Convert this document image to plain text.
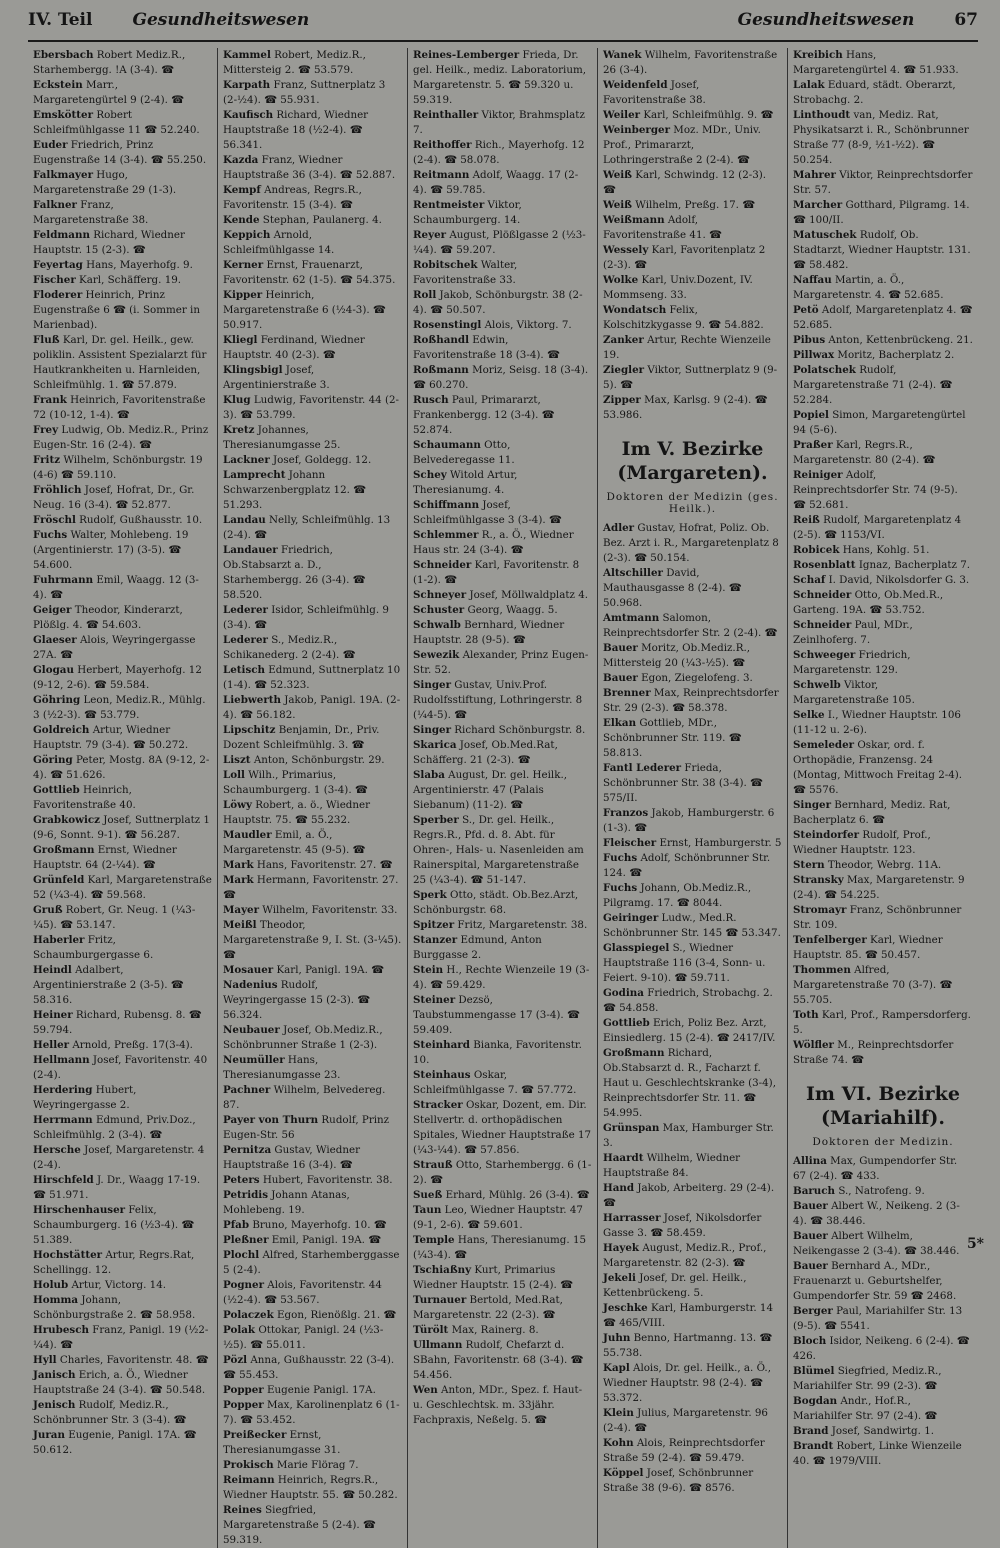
IV. Teil Gesundheitswesen	Gesundheitswesen 67

Ebersbach Robert Mediz.R., Starhembergg. !A (3-4). ☎

Eckstein Marr., Margaretengürtel 9 (2-4). ☎

Emskötter Robert Schleifmühlgasse 11 ☎ 52.240.

Euder Friedrich, Prinz Eugenstraße 14 (3-4). ☎ 55.250.

Falkmayer Hugo, Margaretenstraße 29 (1-3).

Falkner Franz, Margaretenstraße 38.

Feldmann Richard, Wiedner Hauptstr. 15 (2-3). ☎

Feyertag Hans, Mayerhofg. 9.

Fischer Karl, Schäfferg. 19.

Floderer Heinrich, Prinz Eugenstraße 6 ☎ (i. Sommer in Marienbad).

Fluß Karl, Dr. gel. Heilk., gew. poliklin. Assistent Spezialarzt für Hautkrankheiten u. Harnleiden, Schleifmühlg. 1. ☎ 57.879.

Frank Heinrich, Favoritenstraße 72 (10-12, 1-4). ☎

Frey Ludwig, Ob. Mediz.R., Prinz Eugen-Str. 16 (2-4). ☎

Fritz Wilhelm, Schönburgstr. 19 (4-6) ☎ 59.110.

Fröhlich Josef, Hofrat, Dr., Gr. Neug. 16 (3-4). ☎ 52.877.

Fröschl Rudolf, Gußhausstr. 10.

Fuchs Walter, Mohlebeng. 19 (Argentinierstr. 17) (3-5). ☎ 54.600.

Fuhrmann Emil, Waagg. 12 (3-4). ☎

Geiger Theodor, Kinderarzt, Plößlg. 4. ☎ 54.603.

Glaeser Alois, Weyringergasse 27A. ☎

Glogau Herbert, Mayerhofg. 12 (9-12, 2-6). ☎ 59.584.

Göhring Leon, Mediz.R., Mühlg. 3 (½2-3). ☎ 53.779.

Goldreich Artur, Wiedner Hauptstr. 79 (3-4). ☎ 50.272.

Göring Peter, Mostg. 8A (9-12, 2-4). ☎ 51.626.

Gottlieb Heinrich, Favoritenstraße 40.

Grabkowicz Josef, Suttnerplatz 1 (9-6, Sonnt. 9-1). ☎ 56.287.

Großmann Ernst, Wiedner Hauptstr. 64 (2-¼4). ☎

Grünfeld Karl, Margaretenstraße 52 (¼3-4). ☎ 59.568.

Gruß Robert, Gr. Neug. 1 (¼3-¼5). ☎ 53.147.

Haberler Fritz, Schaumburgergasse 6.

Heindl Adalbert, Argentinierstraße 2 (3-5). ☎ 58.316.

Heiner Richard, Rubensg. 8. ☎ 59.794.

Heller Arnold, Preßg. 17(3-4).

Hellmann Josef, Favoritenstr. 40 (2-4).

Herdering Hubert, Weyringergasse 2.

Herrmann Edmund, Priv.Doz., Schleifmühlg. 2 (3-4). ☎

Hersche Josef, Margaretenstr. 4 (2-4).

Hirschfeld J. Dr., Waagg 17-19. ☎ 51.971.

Hirschenhauser Felix, Schaumburgerg. 16 (½3-4). ☎ 51.389.

Hochstätter Artur, Regrs.Rat, Schellingg. 12.

Holub Artur, Victorg. 14.

Homma Johann, Schönburgstraße 2. ☎ 58.958.

Hrubesch Franz, Panigl. 19 (½2-¼4). ☎

Hyll Charles, Favoritenstr. 48. ☎

Janisch Erich, a. Ö., Wiedner Hauptstraße 24 (3-4). ☎ 50.548.

Jenisch Rudolf, Mediz.R., Schönbrunner Str. 3 (3-4). ☎

Juran Eugenie, Panigl. 17A. ☎ 50.612.

Kammel Robert, Mediz.R., Mittersteig 2. ☎ 53.579.

Karpath Franz, Suttnerplatz 3 (2-½4). ☎ 55.931.

Kaufisch Richard, Wiedner Hauptstraße 18 (½2-4). ☎ 56.341.

Kazda Franz, Wiedner Hauptstraße 36 (3-4). ☎ 52.887.

Kempf Andreas, Regrs.R., Favoritenstr. 15 (3-4). ☎

Kende Stephan, Paulanerg. 4.

Keppich Arnold, Schleifmühlgasse 14.

Kerner Ernst, Frauenarzt, Favoritenstr. 62 (1-5). ☎ 54.375.

Kipper Heinrich, Margaretenstraße 6 (½4-3). ☎ 50.917.

Kliegl Ferdinand, Wiedner Hauptstr. 40 (2-3). ☎

Klingsbigl Josef, Argentinierstraße 3.

Klug Ludwig, Favoritenstr. 44 (2-3). ☎ 53.799.

Kretz Johannes, Theresianumgasse 25.

Lackner Josef, Goldegg. 12.

Lamprecht Johann Schwarzenbergplatz 12. ☎ 51.293.

Landau Nelly, Schleifmühlg. 13 (2-4). ☎

Landauer Friedrich, Ob.Stabsarzt a. D., Starhembergg. 26 (3-4). ☎ 58.520.

Lederer Isidor, Schleifmühlg. 9 (3-4). ☎

Lederer S., Mediz.R., Schikanederg. 2 (2-4). ☎

Letisch Edmund, Suttnerplatz 10 (1-4). ☎ 52.323.

Liebwerth Jakob, Panigl. 19A. (2-4). ☎ 56.182.

Lipschitz Benjamin, Dr., Priv. Dozent Schleifmühlg. 3. ☎

Liszt Anton, Schönburgstr. 29.

Loll Wilh., Primarius, Schaumburgerg. 1 (3-4). ☎

Löwy Robert, a. ö., Wiedner Hauptstr. 75. ☎ 55.232.

Maudler Emil, a. Ö., Margaretenstr. 45 (9-5). ☎

Mark Hans, Favoritenstr. 27. ☎

Mark Hermann, Favoritenstr. 27. ☎

Mayer Wilhelm, Favoritenstr. 33.

Meißl Theodor, Margaretenstraße 9, I. St. (3-¼5). ☎

Mosauer Karl, Panigl. 19A. ☎

Nadenius Rudolf, Weyringergasse 15 (2-3). ☎ 56.324.

Neubauer Josef, Ob.Mediz.R., Schönbrunner Straße 1 (2-3).

Neumüller Hans, Theresianumgasse 23.

Pachner Wilhelm, Belvedereg. 87.

Payer von Thurn Rudolf, Prinz Eugen-Str. 56

Pernitza Gustav, Wiedner Hauptstraße 16 (3-4). ☎

Peters Hubert, Favoritenstr. 38.

Petridis Johann Atanas, Mohlebeng. 19.

Pfab Bruno, Mayerhofg. 10. ☎

Pleßner Emil, Panigl. 19A. ☎

Plochl Alfred, Starhemberggasse 5 (2-4).

Pogner Alois, Favoritenstr. 44 (½2-4). ☎ 53.567.

Polaczek Egon, Rienößlg. 21. ☎

Polak Ottokar, Panigl. 24 (½3-½5). ☎ 55.011.

Pözl Anna, Gußhausstr. 22 (3-4). ☎ 55.453.

Popper Eugenie Panigl. 17A.

Popper Max, Karolinenplatz 6 (1-7). ☎ 53.452.

Preißecker Ernst, Theresianumgasse 31.

Prokisch Marie Flörag 7.

Reimann Heinrich, Regrs.R., Wiedner Hauptstr. 55. ☎ 50.282.

Reines Siegfried, Margaretenstraße 5 (2-4). ☎ 59.319.

Reines-Lemberger Frieda, Dr. gel. Heilk., mediz. Laboratorium, Margaretenstr. 5. ☎ 59.320 u. 59.319.

Reinthaller Viktor, Brahmsplatz 7.

Reithoffer Rich., Mayerhofg. 12 (2-4). ☎ 58.078.

Reitmann Adolf, Waagg. 17 (2-4). ☎ 59.785.

Rentmeister Viktor, Schaumburgerg. 14.

Reyer August, Plößlgasse 2 (½3-¼4). ☎ 59.207.

Robitschek Walter, Favoritenstraße 33.

Roll Jakob, Schönburgstr. 38 (2-4). ☎ 50.507.

Rosenstingl Alois, Viktorg. 7.

Roßhandl Edwin, Favoritenstraße 18 (3-4). ☎

Roßmann Moriz, Seisg. 18 (3-4). ☎ 60.270.

Rusch Paul, Primararzt, Frankenbergg. 12 (3-4). ☎ 52.874.

Schaumann Otto, Belvederegasse 11.

Schey Witold Artur, Theresianumg. 4.

Schiffmann Josef, Schleifmühlgasse 3 (3-4). ☎

Schlemmer R., a. Ö., Wiedner Haus str. 24 (3-4). ☎

Schneider Karl, Favoritenstr. 8 (1-2). ☎

Schneyer Josef, Möllwaldplatz 4.

Schuster Georg, Waagg. 5.

Schwalb Bernhard, Wiedner Hauptstr. 28 (9-5). ☎

Sewezik Alexander, Prinz Eugen-Str. 52.

Singer Gustav, Univ.Prof. Rudolfsstiftung, Lothringerstr. 8 (¼4-5). ☎

Singer Richard Schönburgstr. 8.

Skarica Josef, Ob.Med.Rat, Schäfferg. 21 (2-3). ☎

Slaba August, Dr. gel. Heilk., Argentinierstr. 47 (Palais Siebanum) (11-2). ☎

Sperber S., Dr. gel. Heilk., Regrs.R., Pfd. d. 8. Abt. für Ohren-, Hals- u. Nasenleiden am Rainerspital, Margaretenstraße 25 (¼3-4). ☎ 51-147.

Sperk Otto, städt. Ob.Bez.Arzt, Schönburgstr. 68.

Spitzer Fritz, Margaretenstr. 38.

Stanzer Edmund, Anton Burggasse 2.

Stein H., Rechte Wienzeile 19 (3-4). ☎ 59.429.

Steiner Dezsö, Taubstummengasse 17 (3-4). ☎ 59.409.

Steinhard Bianka, Favoritenstr. 10.

Steinhaus Oskar, Schleifmühlgasse 7. ☎ 57.772.

Stracker Oskar, Dozent, em. Dir. Stellvertr. d. orthopädischen Spitales, Wiedner Hauptstraße 17 (¼3-¼4). ☎ 57.856.

Strauß Otto, Starhembergg. 6 (1-2). ☎

Sueß Erhard, Mühlg. 26 (3-4). ☎

Taun Leo, Wiedner Hauptstr. 47 (9-1, 2-6). ☎ 59.601.

Temple Hans, Theresianumg. 15 (¼3-4). ☎

Tschiaßny Kurt, Primarius Wiedner Hauptstr. 15 (2-4). ☎

Turnauer Bertold, Med.Rat, Margaretenstr. 22 (2-3). ☎

Türölt Max, Rainerg. 8.

Ullmann Rudolf, Chefarzt d. SBahn, Favoritenstr. 68 (3-4). ☎ 54.456.

Wen Anton, MDr., Spez. f. Haut- u. Geschlechtsk. m. 33jähr. Fachpraxis, Neßelg. 5. ☎

Wanek Wilhelm, Favoritenstraße 26 (3-4).

Weidenfeld Josef, Favoritenstraße 38.

Weiler Karl, Schleifmühlg. 9. ☎

Weinberger Moz. MDr., Univ. Prof., Primararzt, Lothringerstraße 2 (2-4). ☎

Weiß Karl, Schwindg. 12 (2-3). ☎

Weiß Wilhelm, Preßg. 17. ☎

Weißmann Adolf, Favoritenstraße 41. ☎

Wessely Karl, Favoritenplatz 2 (2-3). ☎

Wolke Karl, Univ.Dozent, IV. Mommseng. 33.

Wondatsch Felix, Kolschitzkygasse 9. ☎ 54.882.

Zanker Artur, Rechte Wienzeile 19.

Ziegler Viktor, Suttnerplatz 9 (9-5). ☎

Zipper Max, Karlsg. 9 (2-4). ☎ 53.986.

Im V. Bezirke
(Margareten).
Doktoren der Medizin (ges. Heilk.).

Adler Gustav, Hofrat, Poliz. Ob. Bez. Arzt i. R., Margaretenplatz 8 (2-3). ☎ 50.154.

Altschiller David, Mauthausgasse 8 (2-4). ☎ 50.968.

Amtmann Salomon, Reinprechtsdorfer Str. 2 (2-4). ☎

Bauer Moritz, Ob.Mediz.R., Mittersteig 20 (¼3-½5). ☎

Bauer Egon, Ziegelofeng. 3.

Brenner Max, Reinprechtsdorfer Str. 29 (2-3). ☎ 58.378.

Elkan Gottlieb, MDr., Schönbrunner Str. 119. ☎ 58.813.

Fantl Lederer Frieda, Schönbrunner Str. 38 (3-4). ☎ 575/II.

Franzos Jakob, Hamburgerstr. 6 (1-3). ☎

Fleischer Ernst, Hamburgerstr. 5

Fuchs Adolf, Schönbrunner Str. 124. ☎

Fuchs Johann, Ob.Mediz.R., Pilgramg. 17. ☎ 8044.

Geiringer Ludw., Med.R. Schönbrunner Str. 145 ☎ 53.347.

Glasspiegel S., Wiedner Hauptstraße 116 (3-4, Sonn- u. Feiert. 9-10). ☎ 59.711.

Godina Friedrich, Strobachg. 2. ☎ 54.858.

Gottlieb Erich, Poliz Bez. Arzt, Einsiedlerg. 15 (2-4). ☎ 2417/IV.

Großmann Richard, Ob.Stabsarzt d. R., Facharzt f. Haut u. Geschlechtskranke (3-4), Reinprechtsdorfer Str. 11. ☎ 54.995.

Grünspan Max, Hamburger Str. 3.

Haardt Wilhelm, Wiedner Hauptstraße 84.

Hand Jakob, Arbeiterg. 29 (2-4). ☎

Harrasser Josef, Nikolsdorfer Gasse 3. ☎ 58.459.

Hayek August, Mediz.R., Prof., Margaretenstr. 82 (2-3). ☎

Jekeli Josef, Dr. gel. Heilk., Kettenbrückeng. 5.

Jeschke Karl, Hamburgerstr. 14 ☎ 465/VIII.

Juhn Benno, Hartmanng. 13. ☎ 55.738.

Kapl Alois, Dr. gel. Heilk., a. Ö., Wiedner Hauptstr. 98 (2-4). ☎ 53.372.

Klein Julius, Margaretenstr. 96 (2-4). ☎

Kohn Alois, Reinprechtsdorfer Straße 59 (2-4). ☎ 59.479.

Köppel Josef, Schönbrunner Straße 38 (9-6). ☎ 8576.

Kreibich Hans, Margaretengürtel 4. ☎ 51.933.

Lalak Eduard, städt. Oberarzt, Strobachg. 2.

Linthoudt van, Mediz. Rat, Physikatsarzt i. R., Schönbrunner Straße 77 (8-9, ½1-½2). ☎ 50.254.

Mahrer Viktor, Reinprechtsdorfer Str. 57.

Marcher Gotthard, Pilgramg. 14. ☎ 100/II.

Matuschek Rudolf, Ob. Stadtarzt, Wiedner Hauptstr. 131. ☎ 58.482.

Naffau Martin, a. Ö., Margaretenstr. 4. ☎ 52.685.

Petö Adolf, Margaretenplatz 4. ☎ 52.685.

Pibus Anton, Kettenbrückeng. 21.

Pillwax Moritz, Bacherplatz 2.

Polatschek Rudolf, Margaretenstraße 71 (2-4). ☎ 52.284.

Popiel Simon, Margaretengürtel 94 (5-6).

Praßer Karl, Regrs.R., Margaretenstr. 80 (2-4). ☎

Reiniger Adolf, Reinprechtsdorfer Str. 74 (9-5). ☎ 52.681.

Reiß Rudolf, Margaretenplatz 4 (2-5). ☎ 1153/VI.

Robicek Hans, Kohlg. 51.

Rosenblatt Ignaz, Bacherplatz 7.

Schaf I. David, Nikolsdorfer G. 3.

Schneider Otto, Ob.Med.R., Garteng. 19A. ☎ 53.752.

Schneider Paul, MDr., Zeinlhoferg. 7.

Schweeger Friedrich, Margaretenstr. 129.

Schwelb Viktor, Margaretenstraße 105.

Selke I., Wiedner Hauptstr. 106 (11-12 u. 2-6).

Semeleder Oskar, ord. f. Orthopädie, Franzensg. 24 (Montag, Mittwoch Freitag 2-4). ☎ 5576.

Singer Bernhard, Mediz. Rat, Bacherplatz 6. ☎

Steindorfer Rudolf, Prof., Wiedner Hauptstr. 123.

Stern Theodor, Webrg. 11A.

Stransky Max, Margaretenstr. 9 (2-4). ☎ 54.225.

Stromayr Franz, Schönbrunner Str. 109.

Tenfelberger Karl, Wiedner Hauptstr. 85. ☎ 50.457.

Thommen Alfred, Margaretenstraße 70 (3-7). ☎ 55.705.

Toth Karl, Prof., Rampersdorferg. 5.

Wölfler M., Reinprechtsdorfer Straße 74. ☎

Im VI. Bezirke
(Mariahilf).
Doktoren der Medizin.

Allina Max, Gumpendorfer Str. 67 (2-4). ☎ 433.

Baruch S., Natrofeng. 9.

Bauer Albert W., Neikeng. 2 (3-4). ☎ 38.446.

Bauer Albert Wilhelm, Neikengasse 2 (3-4). ☎ 38.446.

Bauer Bernhard A., MDr., Frauenarzt u. Geburtshelfer, Gumpendorfer Str. 59 ☎ 2468.

Berger Paul, Mariahilfer Str. 13 (9-5). ☎ 5541.

Bloch Isidor, Neikeng. 6 (2-4). ☎ 426.

Blümel Siegfried, Mediz.R., Mariahilfer Str. 99 (2-3). ☎

Bogdan Andr., Hof.R., Mariahilfer Str. 97 (2-4). ☎

Brand Josef, Sandwirtg. 1.

Brandt Robert, Linke Wienzeile 40. ☎ 1979/VIII.

5*
